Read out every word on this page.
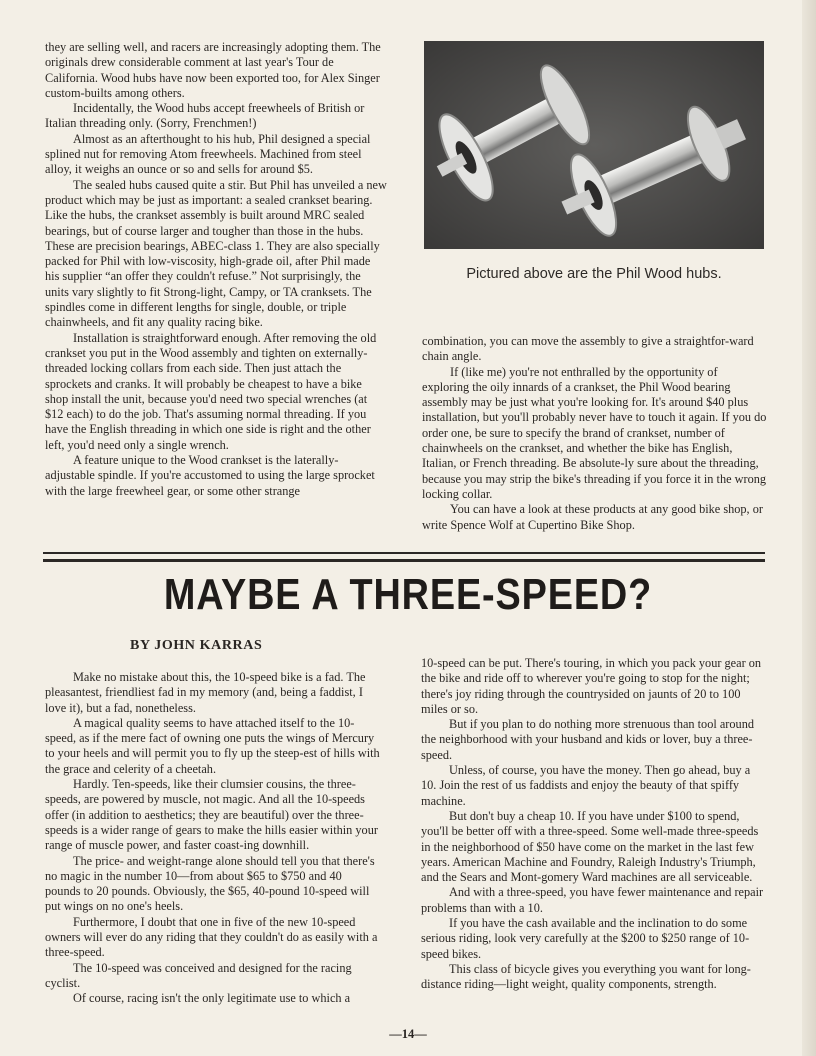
they are selling well, and racers are increasingly adopting them. The originals drew considerable comment at last year's Tour de California. Wood hubs have now been exported too, for Alex Singer custom-builts among others.

Incidentally, the Wood hubs accept freewheels of British or Italian threading only. (Sorry, Frenchmen!)

Almost as an afterthought to his hub, Phil designed a special splined nut for removing Atom freewheels. Machined from steel alloy, it weighs an ounce or so and sells for around $5.

The sealed hubs caused quite a stir. But Phil has unveiled a new product which may be just as important: a sealed crankset bearing. Like the hubs, the crankset assembly is built around MRC sealed bearings, but of course larger and tougher than those in the hubs. These are precision bearings, ABEC-class 1. They are also specially packed for Phil with low-viscosity, high-grade oil, after Phil made his supplier “an offer they couldn't refuse.” Not surprisingly, the units vary slightly to fit Strong-light, Campy, or TA cranksets. The spindles come in different lengths for single, double, or triple chainwheels, and fit any quality racing bike.

Installation is straightforward enough. After removing the old crankset you put in the Wood assembly and tighten on externally-threaded locking collars from each side. Then just attach the sprockets and cranks. It will probably be cheapest to have a bike shop install the unit, because you'd need two special wrenches (at $12 each) to do the job. That's assuming normal threading. If you have the English threading in which one side is right and the other left, you'd need only a single wrench.

A feature unique to the Wood crankset is the laterally-adjustable spindle. If you're accustomed to using the large sprocket with the large freewheel gear, or some other strange

Pictured above are the Phil Wood hubs.

combination, you can move the assembly to give a straightfor-ward chain angle.

If (like me) you're not enthralled by the opportunity of exploring the oily innards of a crankset, the Phil Wood bearing assembly may be just what you're looking for. It's around $40 plus installation, but you'll probably never have to touch it again. If you do order one, be sure to specify the brand of crankset, number of chainwheels on the crankset, and whether the bike has English, Italian, or French threading. Be absolute-ly sure about the threading, because you may strip the bike's threading if you force it in the wrong locking collar.

You can have a look at these products at any good bike shop, or write Spence Wolf at Cupertino Bike Shop.

MAYBE A THREE-SPEED?
BY JOHN KARRAS

Make no mistake about this, the 10-speed bike is a fad. The pleasantest, friendliest fad in my memory (and, being a faddist, I love it), but a fad, nonetheless.

A magical quality seems to have attached itself to the 10-speed, as if the mere fact of owning one puts the wings of Mercury to your heels and will permit you to fly up the steep-est of hills with the grace and celerity of a cheetah.

Hardly. Ten-speeds, like their clumsier cousins, the three-speeds, are powered by muscle, not magic. And all the 10-speeds offer (in addition to aesthetics; they are beautiful) over the three-speeds is a wider range of gears to make the hills easier within your range of muscle power, and faster coast-ing downhill.

The price- and weight-range alone should tell you that there's no magic in the number 10—from about $65 to $750 and 40 pounds to 20 pounds. Obviously, the $65, 40-pound 10-speed will put wings on no one's heels.

Furthermore, I doubt that one in five of the new 10-speed owners will ever do any riding that they couldn't do as easily with a three-speed.

The 10-speed was conceived and designed for the racing cyclist.

Of course, racing isn't the only legitimate use to which a

10-speed can be put. There's touring, in which you pack your gear on the bike and ride off to wherever you're going to stop for the night; there's joy riding through the countrysided on jaunts of 20 to 100 miles or so.

But if you plan to do nothing more strenuous than tool around the neighborhood with your husband and kids or lover, buy a three-speed.

Unless, of course, you have the money. Then go ahead, buy a 10. Join the rest of us faddists and enjoy the beauty of that spiffy machine.

But don't buy a cheap 10. If you have under $100 to spend, you'll be better off with a three-speed. Some well-made three-speeds in the neighborhood of $50 have come on the market in the last few years. American Machine and Foundry, Raleigh Industry's Triumph, and the Sears and Mont-gomery Ward machines are all serviceable.

And with a three-speed, you have fewer maintenance and repair problems than with a 10.

If you have the cash available and the inclination to do some serious riding, look very carefully at the $200 to $250 range of 10-speed bikes.

This class of bicycle gives you everything you want for long-distance riding—light weight, quality components, strength.

—14—
